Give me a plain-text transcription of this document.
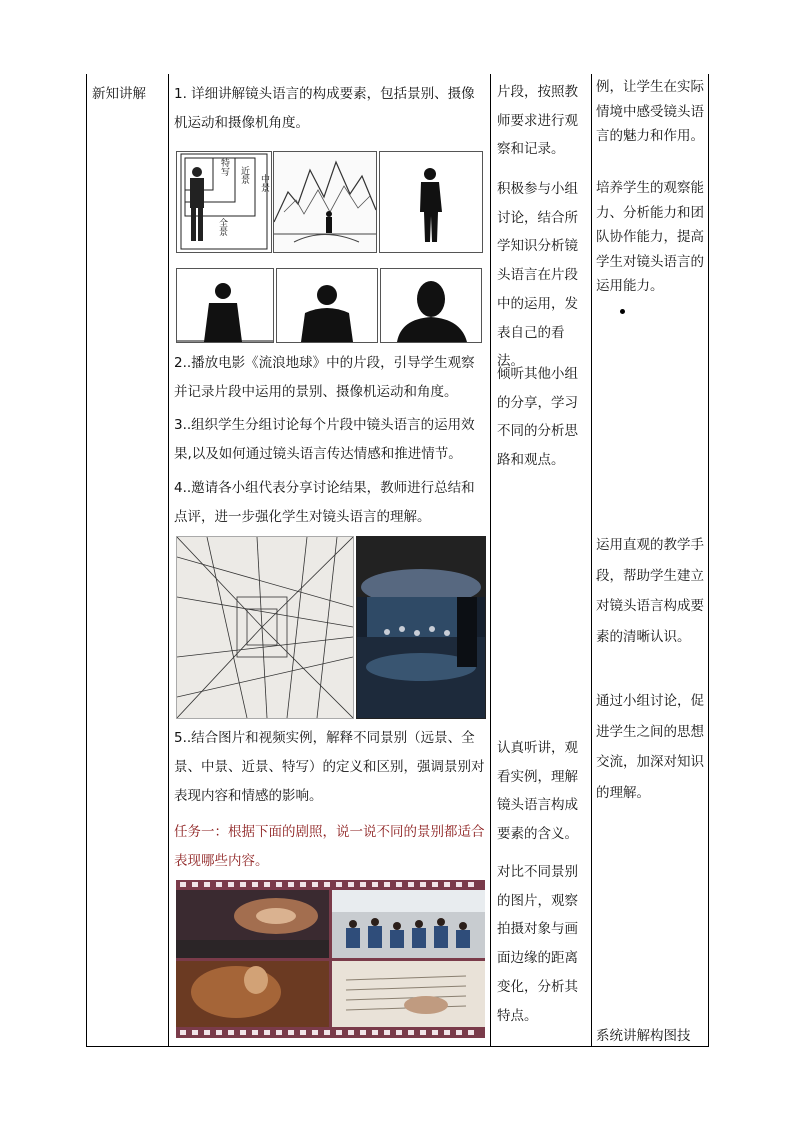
新知讲解	1. 详细讲解镜头语言的构成要素，包括景别、摄像机运动和摄像机角度。
特写 近景 中景
全景
2..播放电影《流浪地球》中的片段，引导学生观察并记录片段中运用的景别、摄像机运动和角度。
3..组织学生分组讨论每个片段中镜头语言的运用效果,以及如何通过镜头语言传达情感和推进情节。
4..邀请各小组代表分享讨论结果，教师进行总结和点评，进一步强化学生对镜头语言的理解。
5..结合图片和视频实例，解释不同景别（远景、全景、中景、近景、特写）的定义和区别，强调景别对表现内容和情感的影响。
任务一：根据下面的剧照，说一说不同的景别都适合表现哪些内容。
片段，按照教师要求进行观察和记录。
积极参与小组讨论，结合所学知识分析镜头语言在片段中的运用，发表自己的看法。
倾听其他小组的分享，学习不同的分析思路和观点。
认真听讲，观看实例，理解镜头语言构成要素的含义。
对比不同景别的图片，观察拍摄对象与画面边缘的距离变化，分析其特点。
例，让学生在实际情境中感受镜头语言的魅力和作用。
培养学生的观察能力、分析能力和团队协作能力，提高学生对镜头语言的运用能力。
运用直观的教学手段，帮助学生建立对镜头语言构成要素的清晰认识。
通过小组讨论，促进学生之间的思想交流，加深对知识的理解。
系统讲解构图技
